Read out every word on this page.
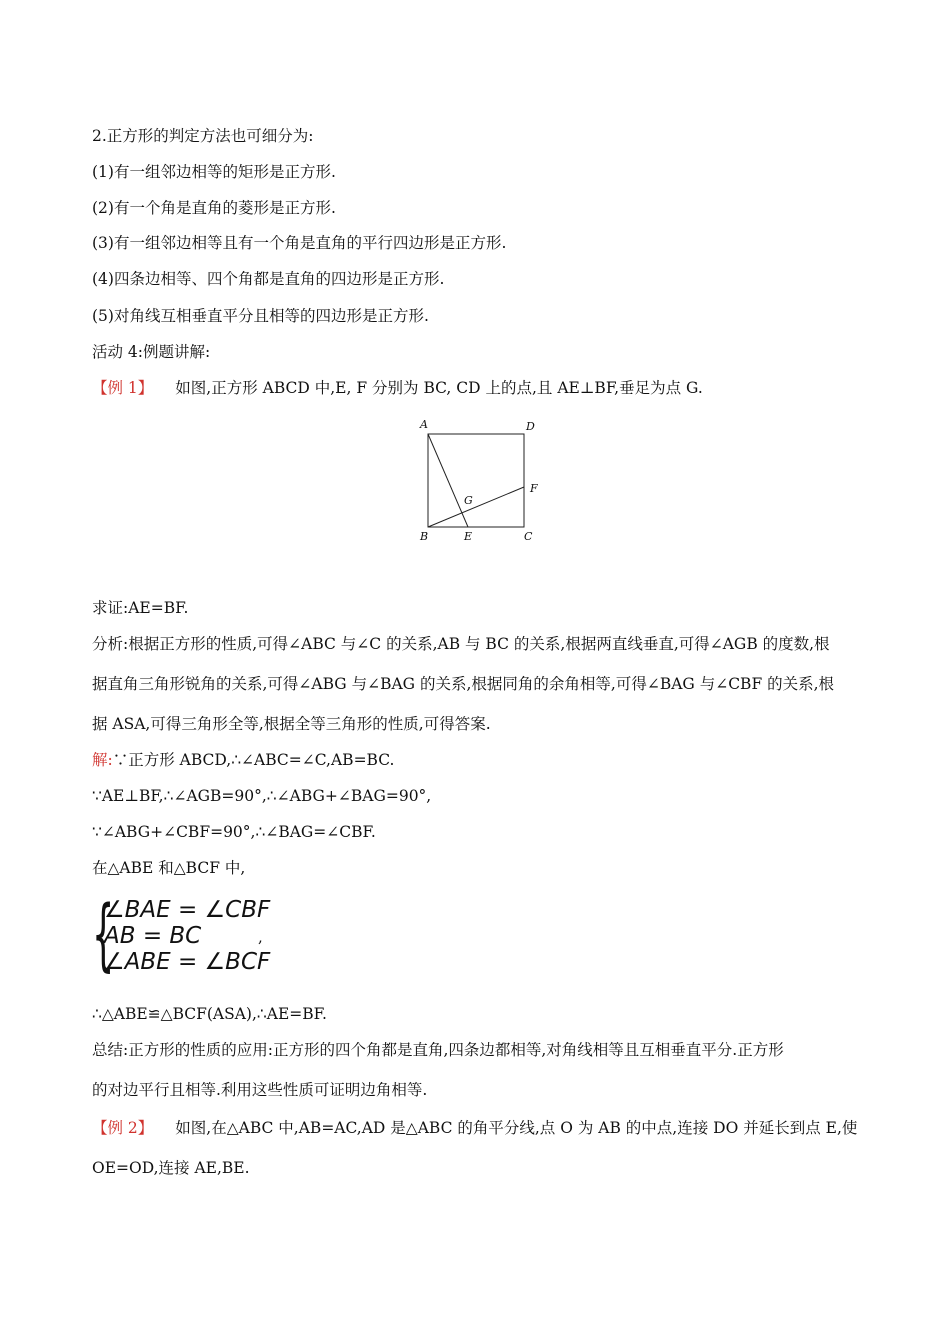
2.正方形的判定方法也可细分为:
(1)有一组邻边相等的矩形是正方形.
(2)有一个角是直角的菱形是正方形.
(3)有一组邻边相等且有一个角是直角的平行四边形是正方形.
(4)四条边相等、四个角都是直角的四边形是正方形.
(5)对角线互相垂直平分且相等的四边形是正方形.
活动 4:例题讲解:
【例 1】 如图,正方形 ABCD 中,E, F 分别为 BC, CD 上的点,且 AE⊥BF,垂足为点 G.
A	D
F
G
B	E	C
求证:AE=BF.
分析:根据正方形的性质,可得∠ABC 与∠C 的关系,AB 与 BC 的关系,根据两直线垂直,可得∠AGB 的度数,根
据直角三角形锐角的关系,可得∠ABG 与∠BAG 的关系,根据同角的余角相等,可得∠BAG 与∠CBF 的关系,根
据 ASA,可得三角形全等,根据全等三角形的性质,可得答案.
解:∵正方形 ABCD,∴∠ABC=∠C,AB=BC.
∵AE⊥BF,∴∠AGB=90°,∴∠ABG+∠BAG=90°,
∵∠ABG+∠CBF=90°,∴∠BAG=∠CBF.
在△ABE 和△BCF 中,
{
∠BAE = ∠CBF
AB = BC
∠ABE = ∠BCF
,
∴△ABE≌△BCF(ASA),∴AE=BF.
总结:正方形的性质的应用:正方形的四个角都是直角,四条边都相等,对角线相等且互相垂直平分.正方形
的对边平行且相等.利用这些性质可证明边角相等.
【例 2】 如图,在△ABC 中,AB=AC,AD 是△ABC 的角平分线,点 O 为 AB 的中点,连接 DO 并延长到点 E,使
OE=OD,连接 AE,BE.
